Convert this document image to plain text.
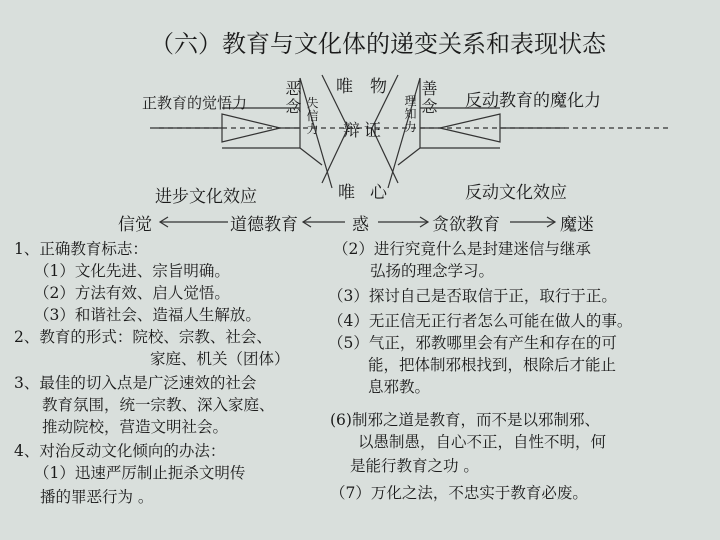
（六）教育与文化体的递变关系和表现状态
正教育的觉悟力	反动教育的魔化力
恶念 失信力
善念
理知力
唯 物
辩 证
唯 心
进步文化效应	反动文化效应
信觉	道德教育	惑	贪欲教育	魔迷
1、正确教育标志：
（1）文化先进、宗旨明确。
（2）方法有效、启人觉悟。
（3）和谐社会、造福人生解放。
2、教育的形式：院校、宗教、社会、
家庭、机关（团体）
3、最佳的切入点是广泛速效的社会
教育氛围，统一宗教、深入家庭、
推动院校，营造文明社会。
4、对治反动文化倾向的办法：
（1）迅速严厉制止扼杀文明传
播的罪恶行为 。
（2）进行究竟什么是封建迷信与继承
弘扬的理念学习。
（3）探讨自己是否取信于正，取行于正。
（4）无正信无正行者怎么可能在做人的事。
（5）气正，邪教哪里会有产生和存在的可
能，把体制邪根找到，根除后才能止
息邪教。
(6)制邪之道是教育，而不是以邪制邪、
以愚制愚，自心不正，自性不明，何
是能行教育之功 。
（7）万化之法，不忠实于教育必废。
